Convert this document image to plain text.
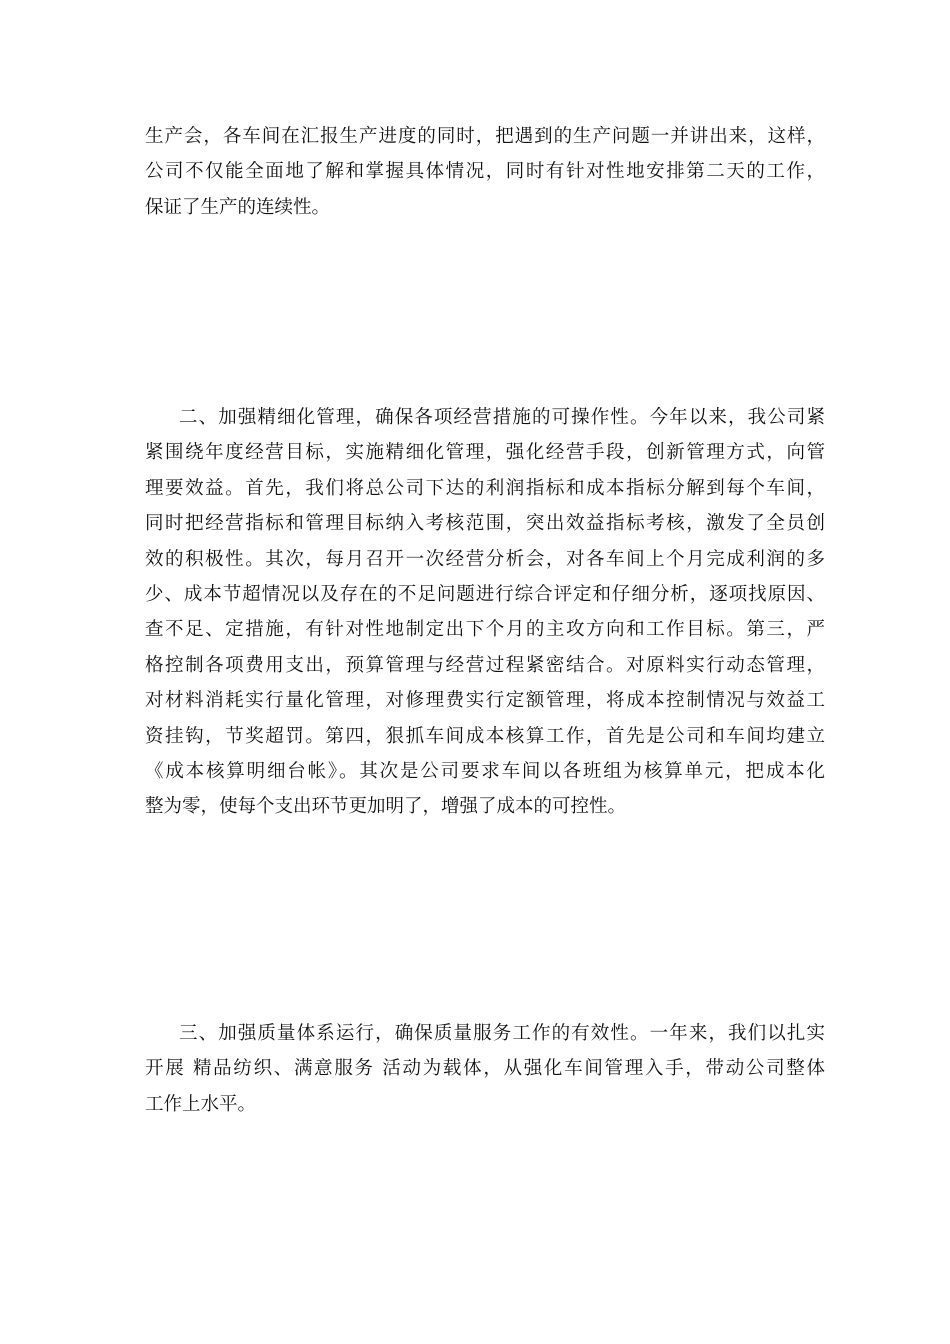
生产会，各车间在汇报生产进度的同时，把遇到的生产问题一并讲出来，这样，
公司不仅能全面地了解和掌握具体情况，同时有针对性地安排第二天的工作，
保证了生产的连续性。

二、加强精细化管理，确保各项经营措施的可操作性。今年以来，我公司紧
紧围绕年度经营目标，实施精细化管理，强化经营手段，创新管理方式，向管
理要效益。首先，我们将总公司下达的利润指标和成本指标分解到每个车间，
同时把经营指标和管理目标纳入考核范围，突出效益指标考核，激发了全员创
效的积极性。其次，每月召开一次经营分析会，对各车间上个月完成利润的多
少、成本节超情况以及存在的不足问题进行综合评定和仔细分析，逐项找原因、
查不足、定措施，有针对性地制定出下个月的主攻方向和工作目标。第三，严
格控制各项费用支出，预算管理与经营过程紧密结合。对原料实行动态管理，
对材料消耗实行量化管理，对修理费实行定额管理，将成本控制情况与效益工
资挂钩，节奖超罚。第四，狠抓车间成本核算工作，首先是公司和车间均建立
《成本核算明细台帐》。其次是公司要求车间以各班组为核算单元，把成本化
整为零，使每个支出环节更加明了，增强了成本的可控性。

三、加强质量体系运行，确保质量服务工作的有效性。一年来，我们以扎实
开展 精品纺织、满意服务 活动为载体，从强化车间管理入手，带动公司整体
工作上水平。
